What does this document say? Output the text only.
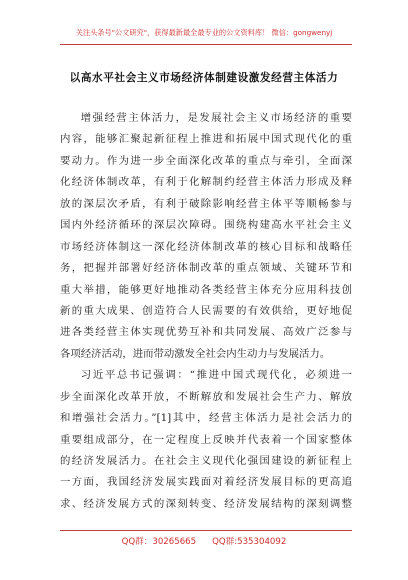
关注头条号"公文研究"，获得最新最全最专业的公文资料库！ 微信：gongwenyj
以高水平社会主义市场经济体制建设激发经营主体活力
增强经营主体活力，是发展社会主义市场经济的重要
内容，能够汇聚起新征程上推进和拓展中国式现代化的重
要动力。作为进一步全面深化改革的重点与牵引，全面深
化经济体制改革，有利于化解制约经营主体活力形成及释
放的深层次矛盾，有利于破除影响经营主体平等顺畅参与
国内外经济循环的深层次障碍。围绕构建高水平社会主义
市场经济体制这一深化经济体制改革的核心目标和战略任
务，把握并部署好经济体制改革的重点领域、关键环节和
重大举措，能够更好地推动各类经营主体充分应用科技创
新的重大成果、创造符合人民需要的有效供给，更好地促
进各类经营主体实现优势互补和共同发展、高效广泛参与
各项经济活动，进而带动激发全社会内生动力与发展活力。
习近平总书记强调：“推进中国式现代化，必须进一
步全面深化改革开放，不断解放和发展社会生产力、解放
和增强社会活力。”[1]其中，经营主体活力是社会活力的
重要组成部分，在一定程度上反映并代表着一个国家整体
的经济发展活力。在社会主义现代化强国建设的新征程上
一方面，我国经济发展实践面对着经济发展目标的更高追
求、经济发展方式的深刻转变、经济发展结构的深刻调整
QQ群：30265665 QQ群:535304092
